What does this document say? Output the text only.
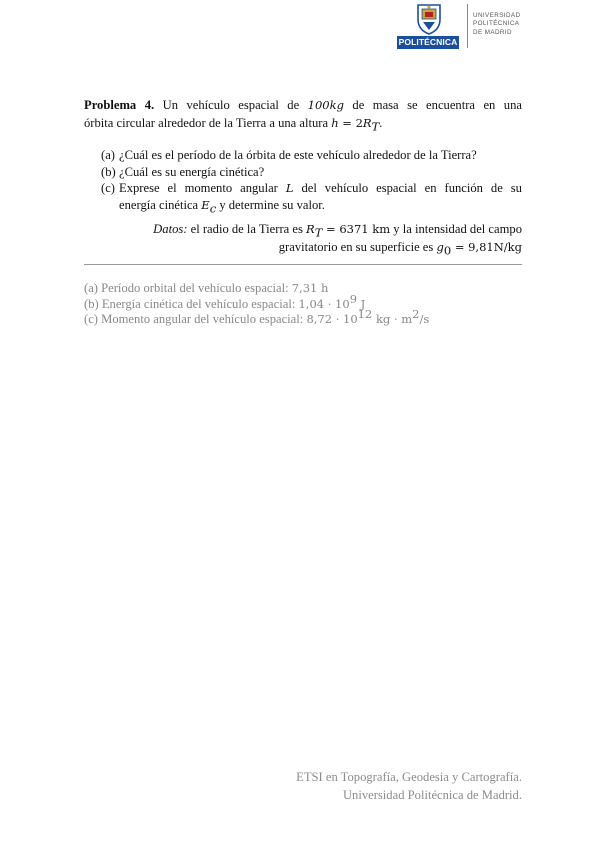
POLITÉCNICA
UNIVERSIDAD
POLITÉCNICA
DE MADRID
Problema 4. Un vehículo espacial de 100kg de masa se encuentra en una
órbita circular alrededor de la Tierra a una altura $h = 2R_T$.
(a) ¿Cuál es el período de la órbita de este vehículo alrededor de la Tierra?
(b) ¿Cuál es su energía cinética?
(c) Exprese el momento angular L del vehículo espacial en función de su
energía cinética $E_c$ y determine su valor.
Datos: el radio de la Tierra es $R_T = 6371$ km y la intensidad del campo
gravitatorio en su superficie es $g_0 = 9,81N/kg$
(a) Período orbital del vehículo espacial: 7,31 h
(b) Energía cinética del vehículo espacial: $1,04 \cdot 10^9$ J
(c) Momento angular del vehículo espacial: $8,72 \cdot 10^{12}$ kg · $m^2/s$
ETSI en Topografía, Geodesia y Cartografía.
Universidad Politécnica de Madrid.
